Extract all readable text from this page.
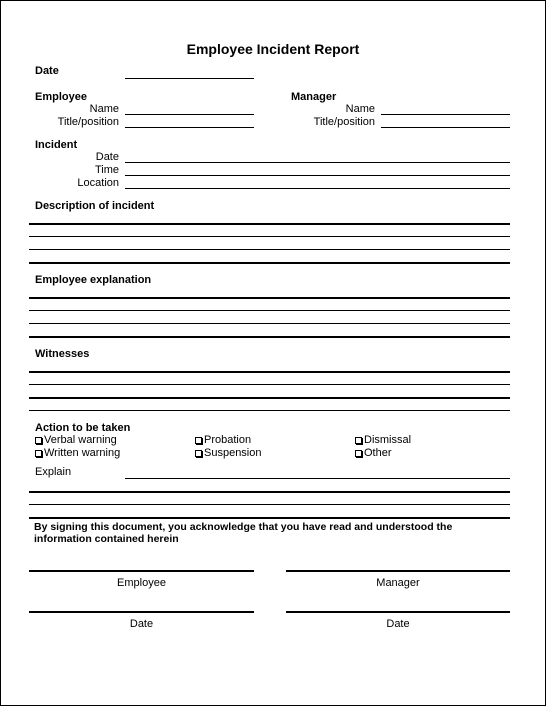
Employee Incident Report
Date
Employee
Name
Title/position
Manager
Name
Title/position
Incident
Date
Time
Location
Description of incident
Employee explanation
Witnesses
Action to be taken
Verbal warning	Probation	Dismissal
Written warning	Suspension	Other
Explain
By signing this document, you acknowledge that you have read and understood the information contained herein
Employee	Manager
Date	Date
